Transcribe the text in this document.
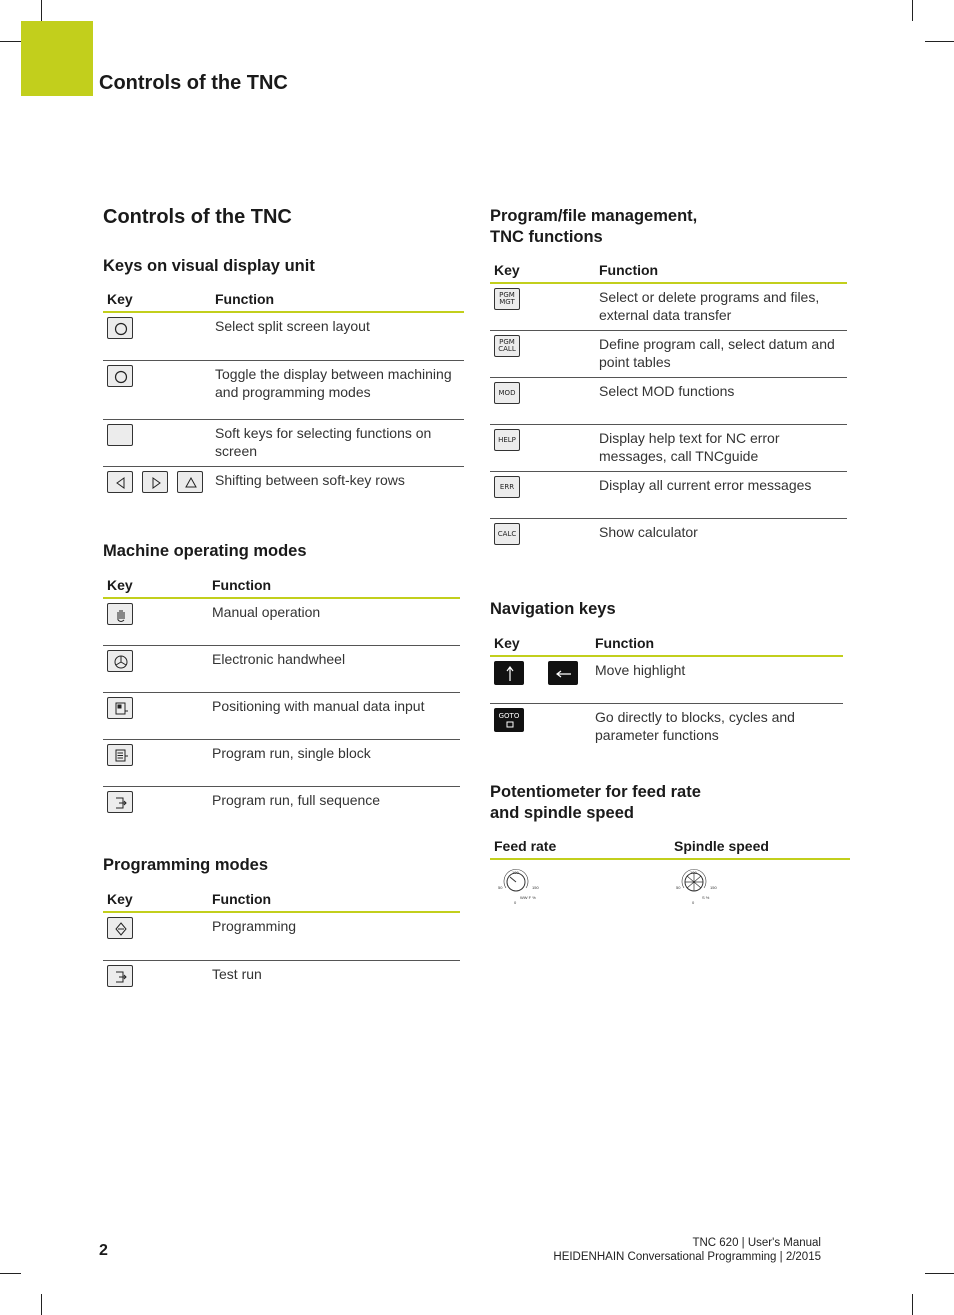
Controls of the TNC
Controls of the TNC
Keys on visual display unit
Key	Function

	Select split screen layout

	Toggle the display between machining and programming modes
	Soft keys for selecting functions on screen

	Shifting between soft-key rows
Machine operating modes
Key	Function

	Manual operation

	Electronic handwheel

	Positioning with manual data input

	Program run, single block

	Program run, full sequence
Programming modes
Key	Function

	Programming

	Test run
Program/file management,
TNC functions
Key	Function

PGM
MGT	Select or delete programs and files, external data transfer

PGM
CALL	Define program call, select datum and point tables

MOD	Select MOD functions

HELP	Display help text for NC error messages, call TNCguide

ERR	Display all current error messages

CALC	Show calculator
Navigation keys
Key	Function

	Move highlight

GOTO	Go directly to blocks, cycles and parameter functions
Potentiometer for feed rate
and spindle speed
Feed rate	Spindle speed

100
50 150
0
WW F %	100
50 150
0
S %
2	TNC 620 | User's Manual
HEIDENHAIN Conversational Programming | 2/2015
